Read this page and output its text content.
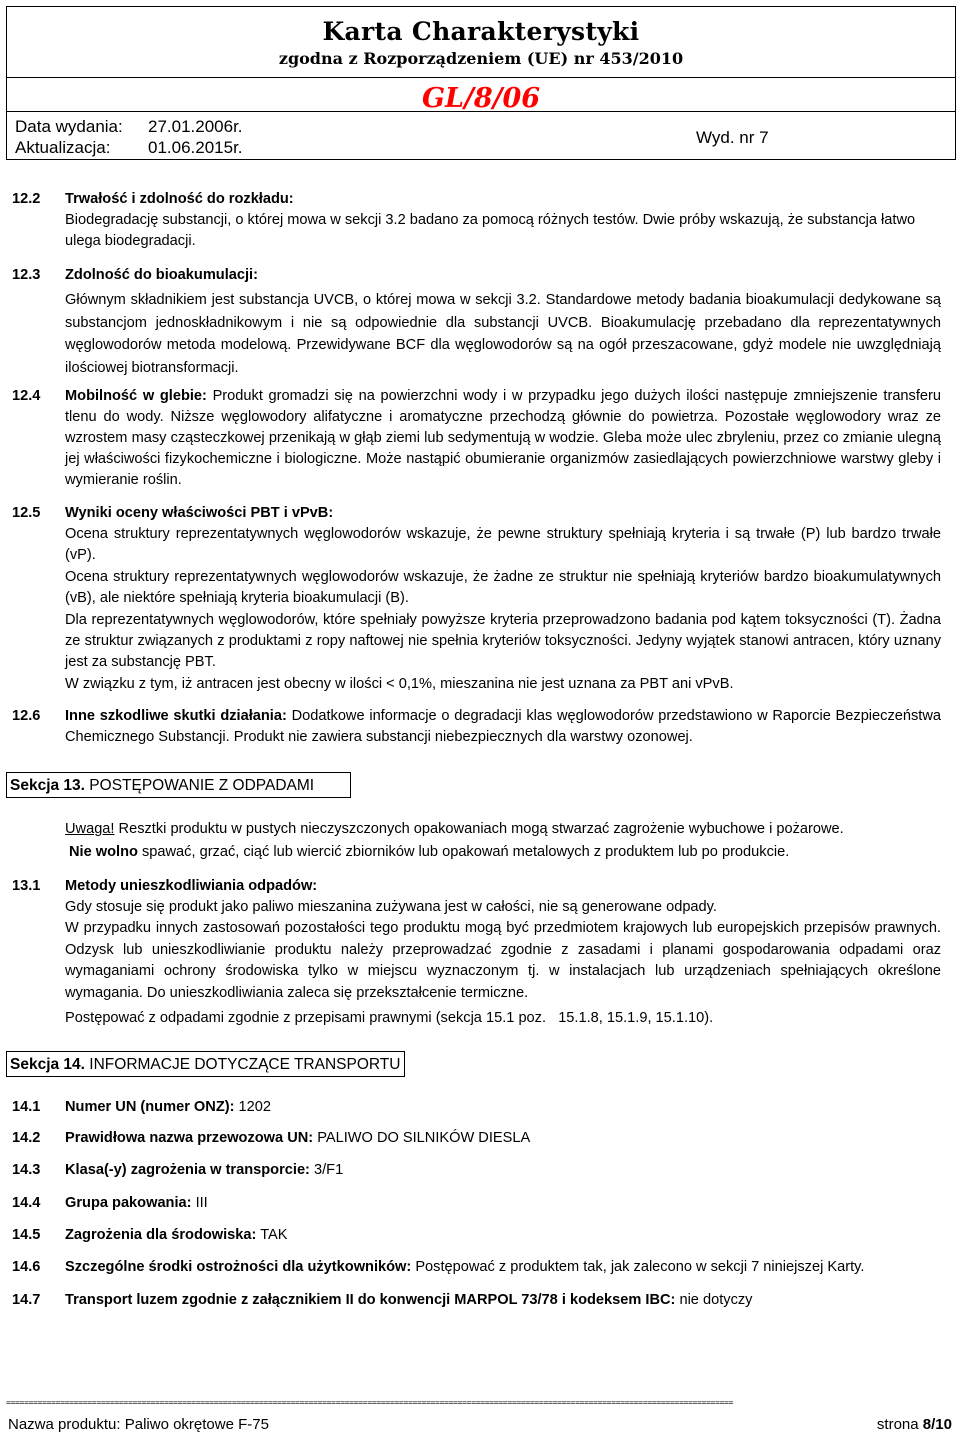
Karta Charakterystyki
zgodna z Rozporządzeniem (UE) nr 453/2010
GL/8/06
Data wydania: 27.01.2006r.
Aktualizacja: 01.06.2015r.
Wyd. nr 7
12.2	Trwałość i zdolność do rozkładu:
Biodegradację substancji, o której mowa w sekcji 3.2 badano za pomocą różnych testów. Dwie próby wskazują, że substancja łatwo ulega biodegradacji.
12.3	Zdolność do bioakumulacji:
Głównym składnikiem jest substancja UVCB, o której mowa w sekcji 3.2. Standardowe metody badania bioakumulacji dedykowane są substancjom jednoskładnikowym i nie są odpowiednie dla substancji UVCB. Bioakumulację przebadano dla reprezentatywnych węglowodorów metoda modelową. Przewidywane BCF dla węglowodorów są na ogół przeszacowane, gdyż modele nie uwzględniają ilościowej biotransformacji.
12.4	Mobilność w glebie: Produkt gromadzi się na powierzchni wody i w przypadku jego dużych ilości następuje zmniejszenie transferu tlenu do wody. Niższe węglowodory alifatyczne i aromatyczne przechodzą głównie do powietrza. Pozostałe węglowodory wraz ze wzrostem masy cząsteczkowej przenikają w głąb ziemi lub sedymentują w wodzie. Gleba może ulec zbryleniu, przez co zmianie ulegną jej właściwości fizykochemiczne i biologiczne. Może nastąpić obumieranie organizmów zasiedlających powierzchniowe warstwy gleby i wymieranie roślin.
12.5	Wyniki oceny właściwości PBT i vPvB:
Ocena struktury reprezentatywnych węglowodorów wskazuje, że pewne struktury spełniają kryteria i są trwałe (P) lub bardzo trwałe (vP).
Ocena struktury reprezentatywnych węglowodorów wskazuje, że żadne ze struktur nie spełniają kryteriów bardzo bioakumulatywnych (vB), ale niektóre spełniają kryteria bioakumulacji (B).
Dla reprezentatywnych węglowodorów, które spełniały powyższe kryteria przeprowadzono badania pod kątem toksyczności (T). Żadna ze struktur związanych z produktami z ropy naftowej nie spełnia kryteriów toksyczności. Jedyny wyjątek stanowi antracen, który uznany jest za substancję PBT.
W związku z tym, iż antracen jest obecny w ilości < 0,1%, mieszanina nie jest uznana za PBT ani vPvB.
12.6	Inne szkodliwe skutki działania: Dodatkowe informacje o degradacji klas węglowodorów przedstawiono w Raporcie Bezpieczeństwa Chemicznego Substancji. Produkt nie zawiera substancji niebezpiecznych dla warstwy ozonowej.
Sekcja 13. POSTĘPOWANIE Z ODPADAMI
Uwaga! Resztki produktu w pustych nieczyszczonych opakowaniach mogą stwarzać zagrożenie wybuchowe i pożarowe.
Nie wolno spawać, grzać, ciąć lub wiercić zbiorników lub opakowań metalowych z produktem lub po produkcie.
13.1	Metody unieszkodliwiania odpadów:
Gdy stosuje się produkt jako paliwo mieszanina zużywana jest w całości, nie są generowane odpady.
W przypadku innych zastosowań pozostałości tego produktu mogą być przedmiotem krajowych lub europejskich przepisów prawnych. Odzysk lub unieszkodliwianie produktu należy przeprowadzać zgodnie z zasadami i planami gospodarowania odpadami oraz wymaganiami ochrony środowiska tylko w miejscu wyznaczonym tj. w instalacjach lub urządzeniach spełniających określone wymagania. Do unieszkodliwiania zaleca się przekształcenie termiczne.
Postępować z odpadami zgodnie z przepisami prawnymi (sekcja 15.1 poz.   15.1.8, 15.1.9, 15.1.10).
Sekcja 14. INFORMACJE DOTYCZĄCE TRANSPORTU
14.1	Numer UN (numer ONZ): 1202
14.2	Prawidłowa nazwa przewozowa UN: PALIWO DO SILNIKÓW DIESLA
14.3	Klasa(-y) zagrożenia w transporcie: 3/F1
14.4	Grupa pakowania: III
14.5	Zagrożenia dla środowiska: TAK
14.6	Szczególne środki ostrożności dla użytkowników: Postępować z produktem tak, jak zalecono w sekcji 7 niniejszej Karty.
14.7	Transport luzem zgodnie z załącznikiem II do konwencji MARPOL 73/78 i kodeksem IBC: nie dotyczy
=================================================================================================================================================================
Nazwa produktu: Paliwo okrętowe F-75	strona 8/10
